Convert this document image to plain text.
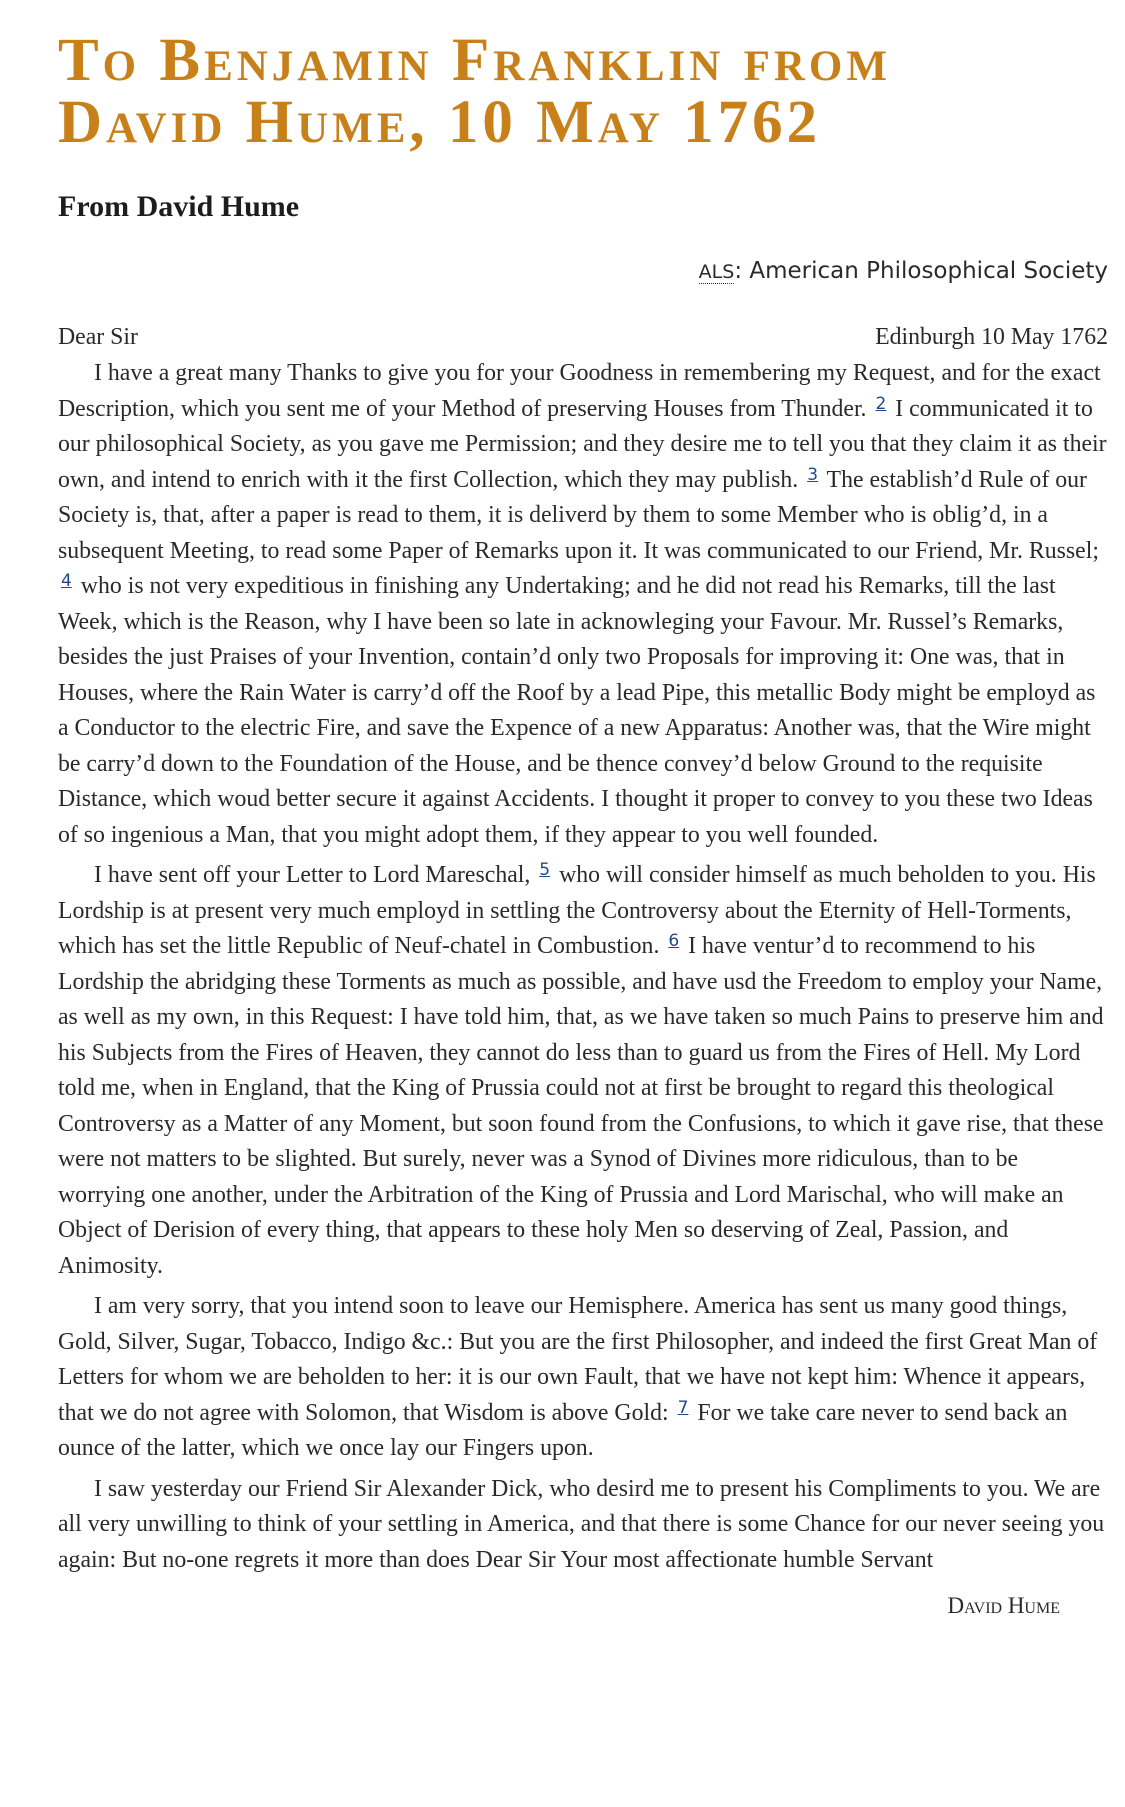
To Benjamin Franklin from
David Hume, 10 May 1762
From David Hume
ALS: American Philosophical Society
Dear Sir	Edinburgh 10 May 1762

I have a great many Thanks to give you for your Goodness in remembering my Request, and for the exact Description, which you sent me of your Method of preserving Houses from Thunder. $^2$ I communicated it to our philosophical Society, as you gave me Permission; and they desire me to tell you that they claim it as their own, and intend to enrich with it the first Collection, which they may publish. $^3$ The establish’d Rule of our Society is, that, after a paper is read to them, it is deliverd by them to some Member who is oblig’d, in a subsequent Meeting, to read some Paper of Remarks upon it. It was communicated to our Friend, Mr. Russel; $^4$ who is not very expeditious in finishing any Undertaking; and he did not read his Remarks, till the last Week, which is the Reason, why I have been so late in acknowleging your Favour. Mr. Russel’s Remarks, besides the just Praises of your Invention, contain’d only two Proposals for improving it: One was, that in Houses, where the Rain Water is carry’d off the Roof by a lead Pipe, this metallic Body might be employd as a Conductor to the electric Fire, and save the Expence of a new Apparatus: Another was, that the Wire might be carry’d down to the Foundation of the House, and be thence convey’d below Ground to the requisite Distance, which woud better secure it against Accidents. I thought it proper to convey to you these two Ideas of so ingenious a Man, that you might adopt them, if they appear to you well founded.

I have sent off your Letter to Lord Mareschal, $^5$ who will consider himself as much beholden to you. His Lordship is at present very much employd in settling the Controversy about the Eternity of Hell-Torments, which has set the little Republic of Neuf-chatel in Combustion. $^6$ I have ventur’d to recommend to his Lordship the abridging these Torments as much as possible, and have usd the Freedom to employ your Name, as well as my own, in this Request: I have told him, that, as we have taken so much Pains to preserve him and his Subjects from the Fires of Heaven, they cannot do less than to guard us from the Fires of Hell. My Lord told me, when in England, that the King of Prussia could not at first be brought to regard this theological Controversy as a Matter of any Moment, but soon found from the Confusions, to which it gave rise, that these were not matters to be slighted. But surely, never was a Synod of Divines more ridiculous, than to be worrying one another, under the Arbitration of the King of Prussia and Lord Marischal, who will make an Object of Derision of every thing, that appears to these holy Men so deserving of Zeal, Passion, and Animosity.

I am very sorry, that you intend soon to leave our Hemisphere. America has sent us many good things, Gold, Silver, Sugar, Tobacco, Indigo &c.: But you are the first Philosopher, and indeed the first Great Man of Letters for whom we are beholden to her: it is our own Fault, that we have not kept him: Whence it appears, that we do not agree with Solomon, that Wisdom is above Gold: $^7$ For we take care never to send back an ounce of the latter, which we once lay our Fingers upon.

I saw yesterday our Friend Sir Alexander Dick, who desird me to present his Compliments to you. We are all very unwilling to think of your settling in America, and that there is some Chance for our never seeing you again: But no-one regrets it more than does Dear Sir Your most affectionate humble Servant

David Hume
